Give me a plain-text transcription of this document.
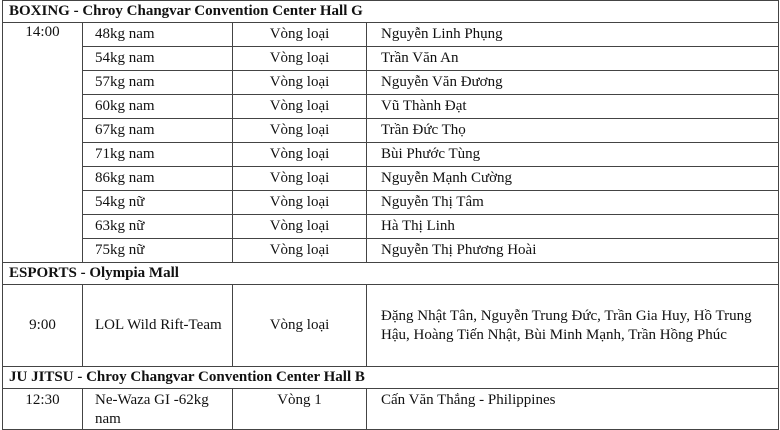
BOXING - Chroy Changvar Convention Center Hall G			
14:00	48kg nam	Vòng loại	Nguyễn Linh Phụng
	54kg nam	Vòng loại	Trần Văn An
	57kg nam	Vòng loại	Nguyễn Văn Đương
	60kg nam	Vòng loại	Vũ Thành Đạt
	67kg nam	Vòng loại	Trần Đức Thọ
	71kg nam	Vòng loại	Bùi Phước Tùng
	86kg nam	Vòng loại	Nguyễn Mạnh Cường
	54kg nữ	Vòng loại	Nguyễn Thị Tâm
	63kg nữ	Vòng loại	Hà Thị Linh
	75kg nữ	Vòng loại	Nguyễn Thị Phương Hoài
ESPORTS - Olympia Mall			
9:00	LOL Wild Rift-Team	Vòng loại	Đặng Nhật Tân, Nguyễn Trung Đức, Trần Gia Huy, Hồ Trung Hậu, Hoàng Tiến Nhật, Bùi Minh Mạnh, Trần Hồng Phúc
JU JITSU - Chroy Changvar Convention Center Hall B			
12:30	Ne-Waza GI -62kg nam	Vòng 1	Cấn Văn Thắng - Philippines
